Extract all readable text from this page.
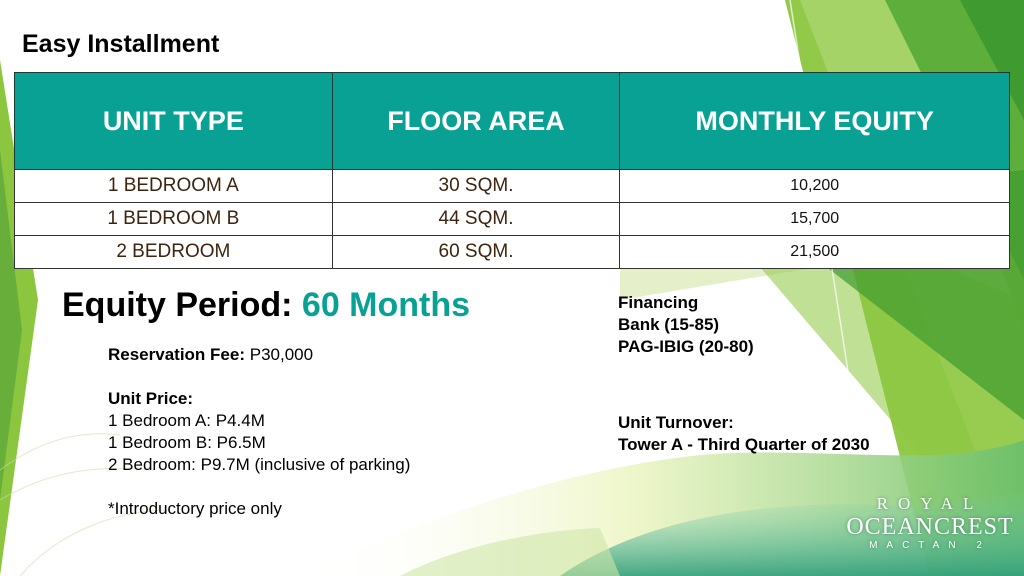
Easy Installment
UNIT TYPE	FLOOR AREA	MONTHLY EQUITY
1 BEDROOM A	30 SQM.	10,200
1 BEDROOM B	44 SQM.	15,700
2 BEDROOM	60 SQM.	21,500
Equity Period: 60 Months
Reservation Fee: P30,000
Unit Price:
1 Bedroom A: P4.4M
1 Bedroom B: P6.5M
2 Bedroom: P9.7M (inclusive of parking)
*Introductory price only
Financing
Bank (15-85)
PAG-IBIG (20-80)
Unit Turnover:
Tower A - Third Quarter of 2030
ROYAL
OCEANCREST
MACTAN 2
